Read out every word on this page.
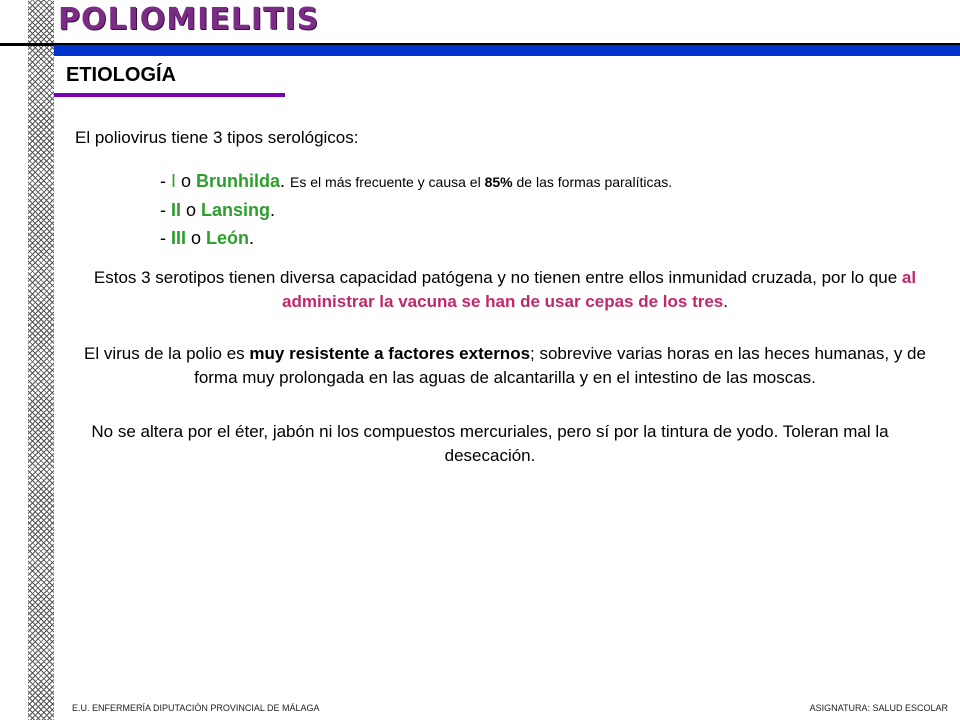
POLIOMIELITIS
ETIOLOGÍA

El poliovirus tiene 3 tipos serológicos:

- I o Brunhilda. Es el más frecuente y causa el 85% de las formas paralíticas.
- II o Lansing.
- III o León.

Estos 3 serotipos tienen diversa capacidad patógena y no tienen entre ellos inmunidad cruzada, por lo que al administrar la vacuna se han de usar cepas de los tres.

El virus de la polio es muy resistente a factores externos; sobrevive varias horas en las heces humanas, y de forma muy prolongada en las aguas de alcantarilla y en el intestino de las moscas.

No se altera por el éter, jabón ni los compuestos mercuriales, pero sí por la tintura de yodo. Toleran mal la desecación.

E.U. ENFERMERÍA DIPUTACIÓN PROVINCIAL DE MÁLAGA	ASIGNATURA: SALUD ESCOLAR
